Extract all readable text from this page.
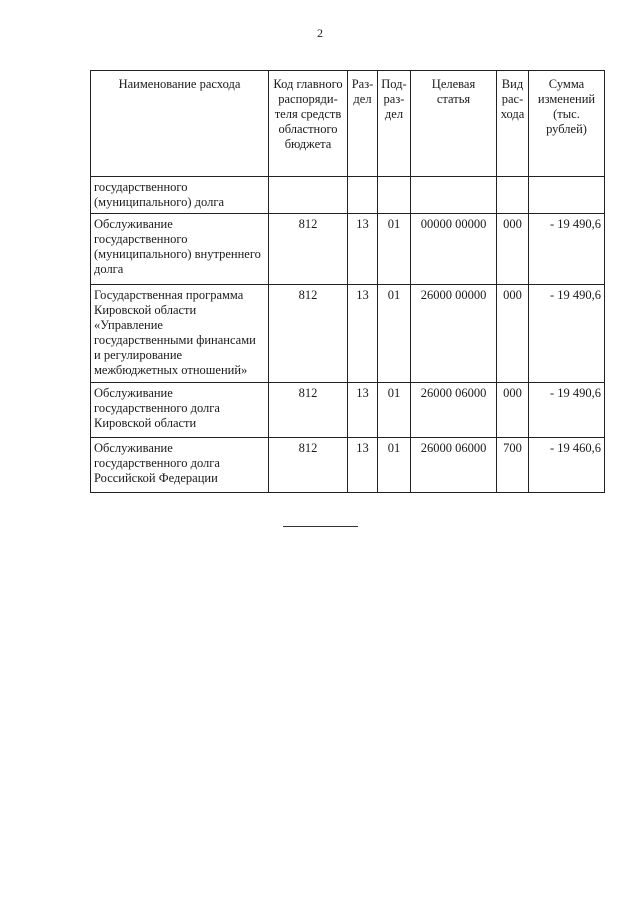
2
Наименование расхода	Код главного распоряди- теля средств областного бюджета	Раз- дел	Под- раз- дел	Целевая статья	Вид рас- хода	Сумма изменений (тыс. рублей)
государственного (муниципального) долга						
Обслуживание государственного (муниципального) внутреннего долга	812	13	01	00000 00000	000	- 19 490,6
Государственная программа Кировской области «Управление государственными финансами и регулирование межбюджетных отношений»	812	13	01	26000 00000	000	- 19 490,6
Обслуживание государственного долга Кировской области	812	13	01	26000 06000	000	- 19 490,6
Обслуживание государственного долга Российской Федерации	812	13	01	26000 06000	700	- 19 460,6
